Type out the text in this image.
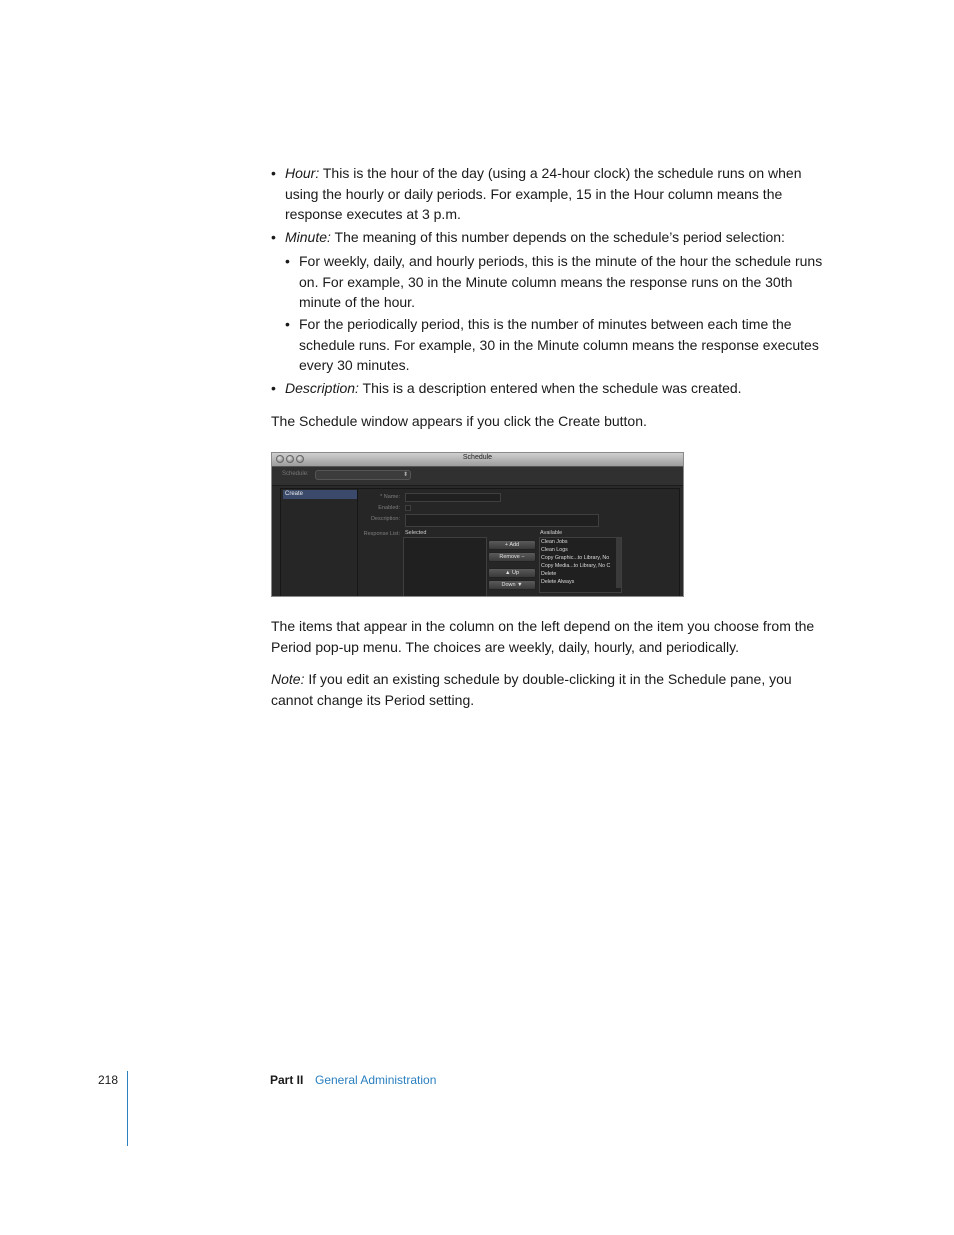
• Hour: This is the hour of the day (using a 24-hour clock) the schedule runs on when using the hourly or daily periods. For example, 15 in the Hour column means the response executes at 3 p.m.

• Minute: The meaning of this number depends on the schedule’s period selection:

• For weekly, daily, and hourly periods, this is the minute of the hour the schedule runs on. For example, 30 in the Minute column means the response runs on the 30th minute of the hour.

• For the periodically period, this is the number of minutes between each time the schedule runs. For example, 30 in the Minute column means the response executes every 30 minutes.

• Description: This is a description entered when the schedule was created.

The Schedule window appears if you click the Create button.

Schedule
Schedule:	⬍
Create	* Name:
Enabled:
Description:
Response List: Selected
+ Add
Remove −
▲ Up
Down ▼
Available
Clean Jobs
Clean Logs
Copy Graphic...to Library, No
Copy Media...to Library, No C
Delete
Delete Always

The items that appear in the column on the left depend on the item you choose from the Period pop-up menu. The choices are weekly, daily, hourly, and periodically.

Note: If you edit an existing schedule by double-clicking it in the Schedule pane, you cannot change its Period setting.

218	Part II General Administration
